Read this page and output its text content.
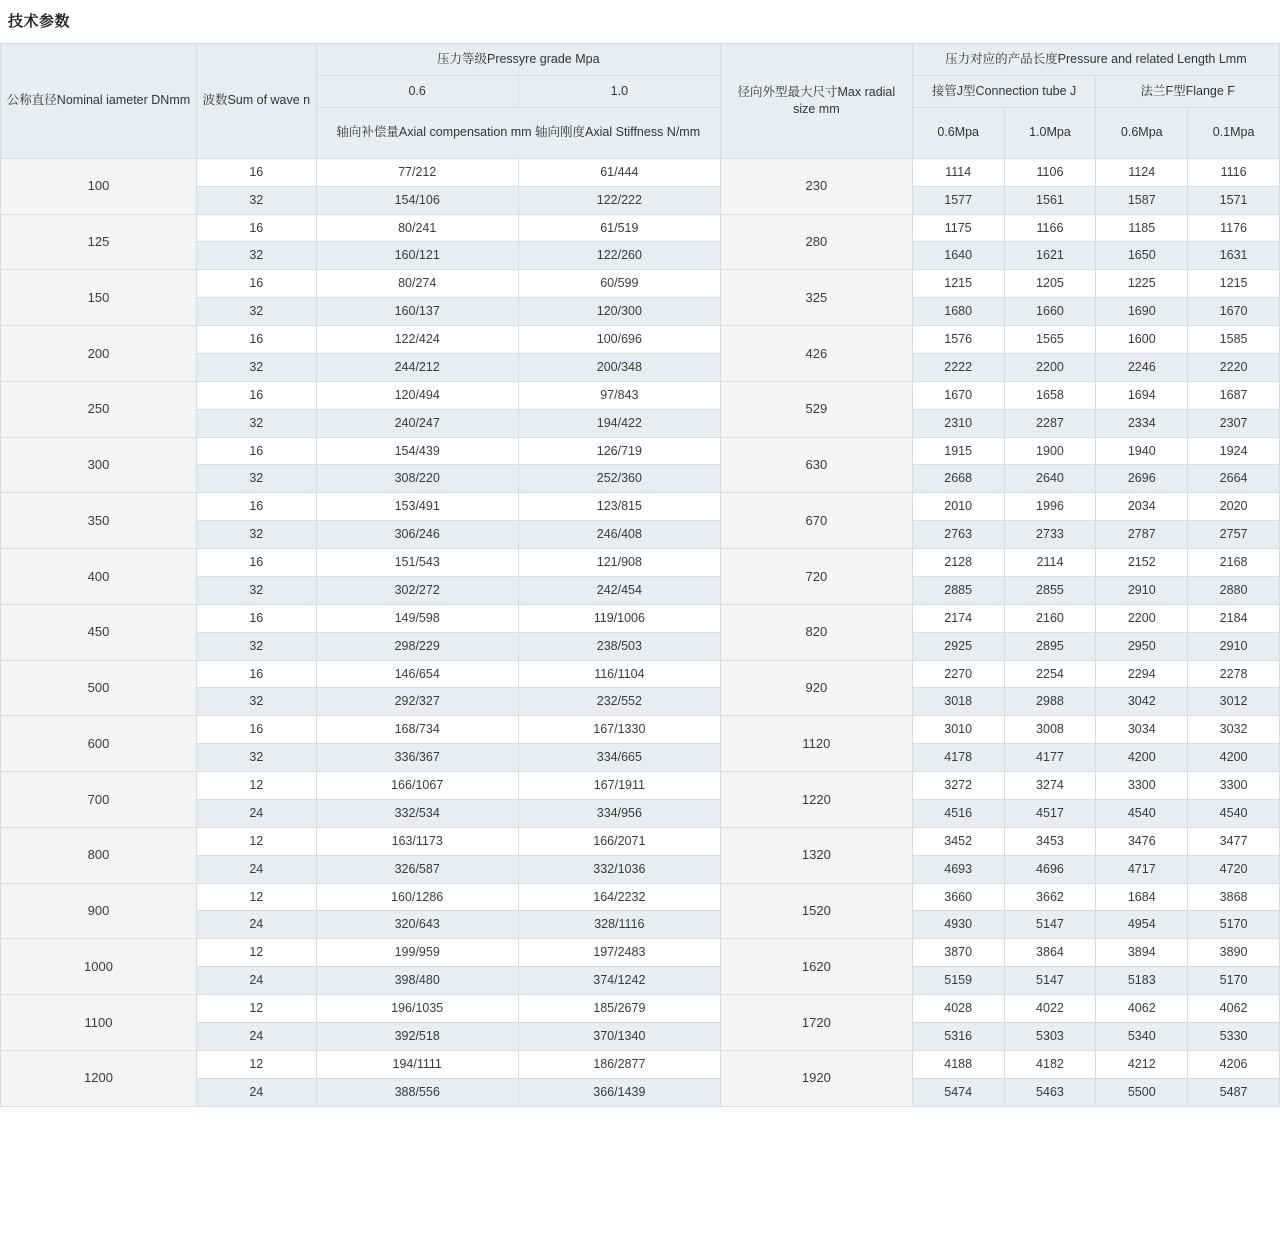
技术参数
公称直径Nominal iameter DNmm	波数Sum of wave n	压力等级Pressyre grade Mpa		径向外型最大尺寸Max radial size mm	压力对应的产品长度Pressure and related Length Lmm			
		0.6	1.0		接管J型Connection tube J		法兰F型Flange F	
		轴向补偿量Axial compensation mm 轴向刚度Axial Stiffness N/mm			0.6Mpa	1.0Mpa	0.6Mpa	0.1Mpa
100	16	77/212	61/444	230	1114	1106	1124	1116
	32	154/106	122/222		1577	1561	1587	1571
125	16	80/241	61/519	280	1175	1166	1185	1176
	32	160/121	122/260		1640	1621	1650	1631
150	16	80/274	60/599	325	1215	1205	1225	1215
	32	160/137	120/300		1680	1660	1690	1670
200	16	122/424	100/696	426	1576	1565	1600	1585
	32	244/212	200/348		2222	2200	2246	2220
250	16	120/494	97/843	529	1670	1658	1694	1687
	32	240/247	194/422		2310	2287	2334	2307
300	16	154/439	126/719	630	1915	1900	1940	1924
	32	308/220	252/360		2668	2640	2696	2664
350	16	153/491	123/815	670	2010	1996	2034	2020
	32	306/246	246/408		2763	2733	2787	2757
400	16	151/543	121/908	720	2128	2114	2152	2168
	32	302/272	242/454		2885	2855	2910	2880
450	16	149/598	119/1006	820	2174	2160	2200	2184
	32	298/229	238/503		2925	2895	2950	2910
500	16	146/654	116/1104	920	2270	2254	2294	2278
	32	292/327	232/552		3018	2988	3042	3012
600	16	168/734	167/1330	1120	3010	3008	3034	3032
	32	336/367	334/665		4178	4177	4200	4200
700	12	166/1067	167/1911	1220	3272	3274	3300	3300
	24	332/534	334/956		4516	4517	4540	4540
800	12	163/1173	166/2071	1320	3452	3453	3476	3477
	24	326/587	332/1036		4693	4696	4717	4720
900	12	160/1286	164/2232	1520	3660	3662	1684	3868
	24	320/643	328/1116		4930	5147	4954	5170
1000	12	199/959	197/2483	1620	3870	3864	3894	3890
	24	398/480	374/1242		5159	5147	5183	5170
1100	12	196/1035	185/2679	1720	4028	4022	4062	4062
	24	392/518	370/1340		5316	5303	5340	5330
1200	12	194/1111	186/2877	1920	4188	4182	4212	4206
	24	388/556	366/1439		5474	5463	5500	5487
